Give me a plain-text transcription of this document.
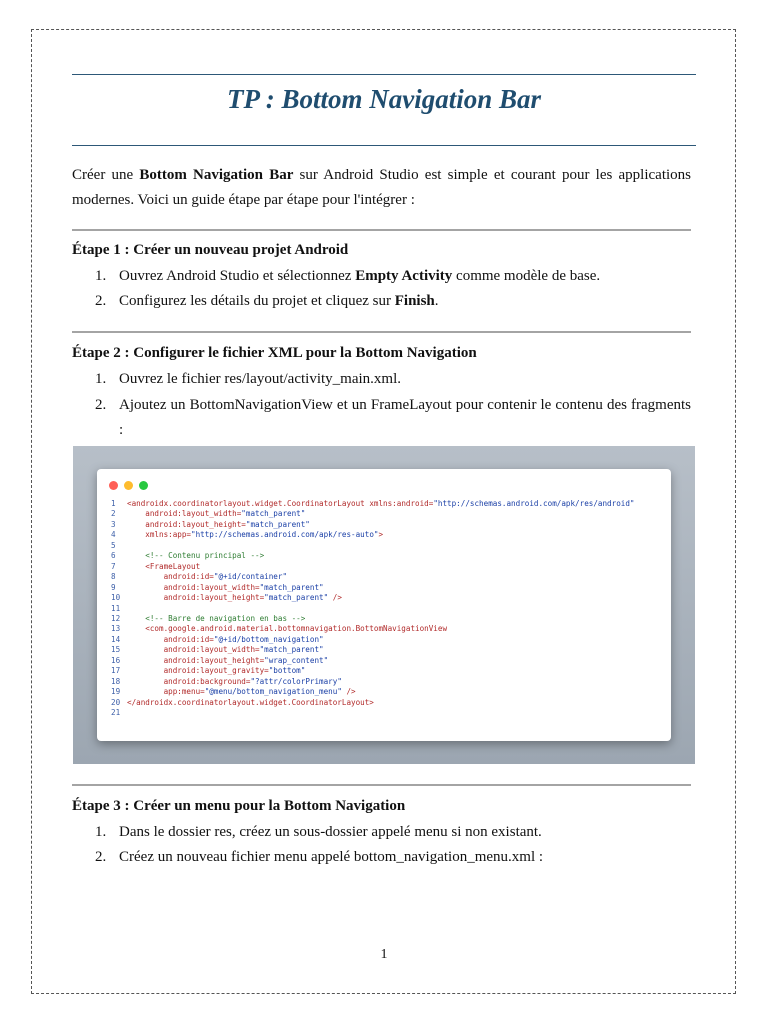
TP : Bottom Navigation Bar

Créer une Bottom Navigation Bar sur Android Studio est simple et courant pour les applications modernes. Voici un guide étape par étape pour l'intégrer :

Étape 1 : Créer un nouveau projet Android
1. Ouvrez Android Studio et sélectionnez Empty Activity comme modèle de base.
2. Configurez les détails du projet et cliquez sur Finish.
Étape 2 : Configurer le fichier XML pour la Bottom Navigation
1. Ouvrez le fichier res/layout/activity_main.xml.
2. Ajoutez un BottomNavigationView et un FrameLayout pour contenir le contenu des fragments :
1 <androidx.coordinatorlayout.widget.CoordinatorLayout xmlns:android="http://schemas.android.com/apk/res/android"
2    android:layout_width="match_parent"
3    android:layout_height="match_parent"
4    xmlns:app="http://schemas.android.com/apk/res-auto">
5
6    <!-- Contenu principal -->
7    <FrameLayout
8        android:id="@+id/container"
9        android:layout_width="match_parent"
10        android:layout_height="match_parent" />
11
12    <!-- Barre de navigation en bas -->
13    <com.google.android.material.bottomnavigation.BottomNavigationView
14        android:id="@+id/bottom_navigation"
15        android:layout_width="match_parent"
16        android:layout_height="wrap_content"
17        android:layout_gravity="bottom"
18        android:background="?attr/colorPrimary"
19        app:menu="@menu/bottom_navigation_menu" />
20 </androidx.coordinatorlayout.widget.CoordinatorLayout>
21
Étape 3 : Créer un menu pour la Bottom Navigation
1. Dans le dossier res, créez un sous-dossier appelé menu si non existant.
2. Créez un nouveau fichier menu appelé bottom_navigation_menu.xml :
1
